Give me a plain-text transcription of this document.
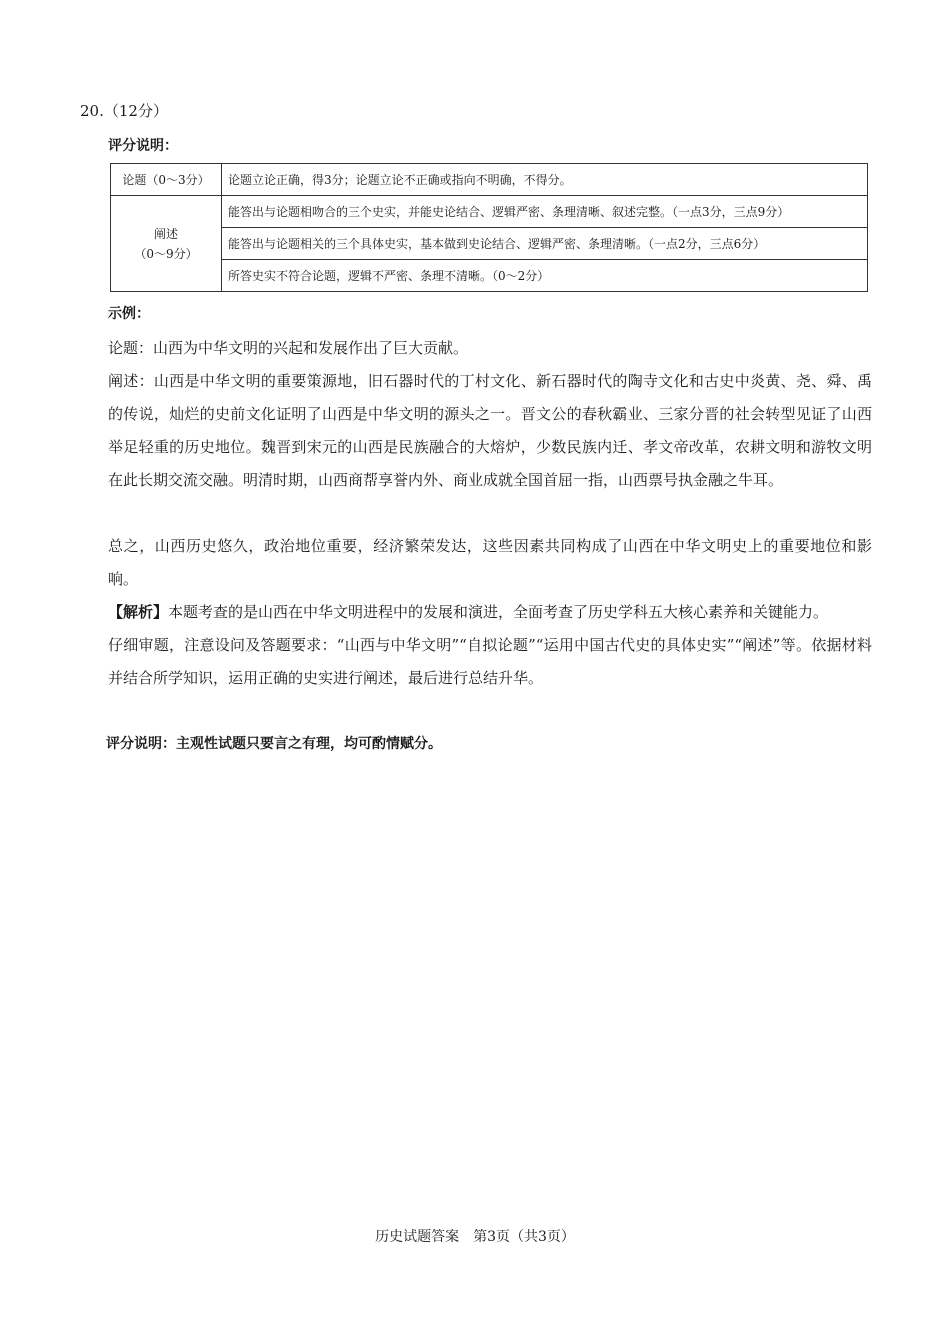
20.（12分）
评分说明：
论题（0～3分）	论题立论正确，得3分；论题立论不正确或指向不明确，不得分。

阐述
（0～9分）	能答出与论题相吻合的三个史实，并能史论结合、逻辑严密、条理清晰、叙述完整。（一点3分，三点9分）
	能答出与论题相关的三个具体史实，基本做到史论结合、逻辑严密、条理清晰。（一点2分，三点6分）
	所答史实不符合论题，逻辑不严密、条理不清晰。（0～2分）
示例：
论题：山西为中华文明的兴起和发展作出了巨大贡献。
阐述：山西是中华文明的重要策源地，旧石器时代的丁村文化、新石器时代的陶寺文化和古史中炎黄、尧、舜、禹的传说，灿烂的史前文化证明了山西是中华文明的源头之一。晋文公的春秋霸业、三家分晋的社会转型见证了山西举足轻重的历史地位。魏晋到宋元的山西是民族融合的大熔炉，少数民族内迁、孝文帝改革，农耕文明和游牧文明在此长期交流交融。明清时期，山西商帮享誉内外、商业成就全国首屈一指，山西票号执金融之牛耳。
总之，山西历史悠久，政治地位重要，经济繁荣发达，这些因素共同构成了山西在中华文明史上的重要地位和影响。
【解析】本题考查的是山西在中华文明进程中的发展和演进，全面考查了历史学科五大核心素养和关键能力。
仔细审题，注意设问及答题要求：“山西与中华文明”“自拟论题”“运用中国古代史的具体史实”“阐述”等。依据材料并结合所学知识，运用正确的史实进行阐述，最后进行总结升华。
评分说明：主观性试题只要言之有理，均可酌情赋分。
历史试题答案　第3页（共3页）
